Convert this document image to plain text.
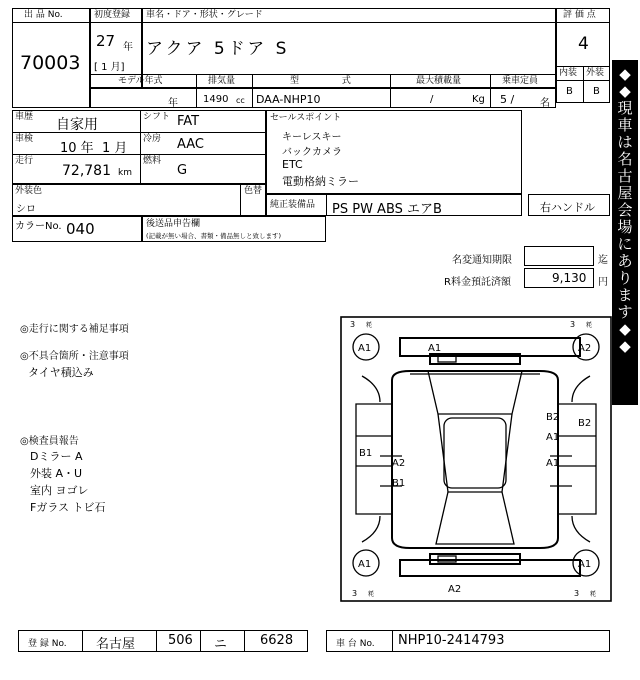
出 品 No.
70003
初度登録
27 年
[ 1 月]
車名・ドア・形状・グレード
アクア 5ドア S
評 価 点
4
内装 外装
B B
モデル年式
年
排気量
1490 cc
型 式
DAA-NHP10
最大積載量
/	Kg
乗車定員
5 /	名
車歴 自家用	シフト FAT
車検
10 年  1 月
冷房 AAC
走行
72,781 km
燃料
G
セールスポイント
キーレスキー
バックカメラ
ETC
電動格納ミラー
外装色
シロ
色替
純正装備品 PS PW ABS エアB	右ハンドル
カラーNo. 040	後送品申告欄
(記載が無い場合、書類・備品無しと致します)
名変通知期限	迄
R料金預託済額	9,130 円
◎走行に関する補足事項
◎不具合箇所・注意事項
タイヤ積込み
◎検査員報告
Dミラー A
外装 A・U
室内 ヨゴレ
Fガラス トビ石
3 粍	3 粍
3 粍	3 粍
A1	A2
A1	A1
A1
A2
B2
A1
B2
A1
B1
A2
B1
◆
◆
現
車
は
名
古
屋
会
場
に
あ
り
ま
す
◆
◆
登 録 No. 名古屋	506 ニ	6628	車 台 No. NHP10-2414793
